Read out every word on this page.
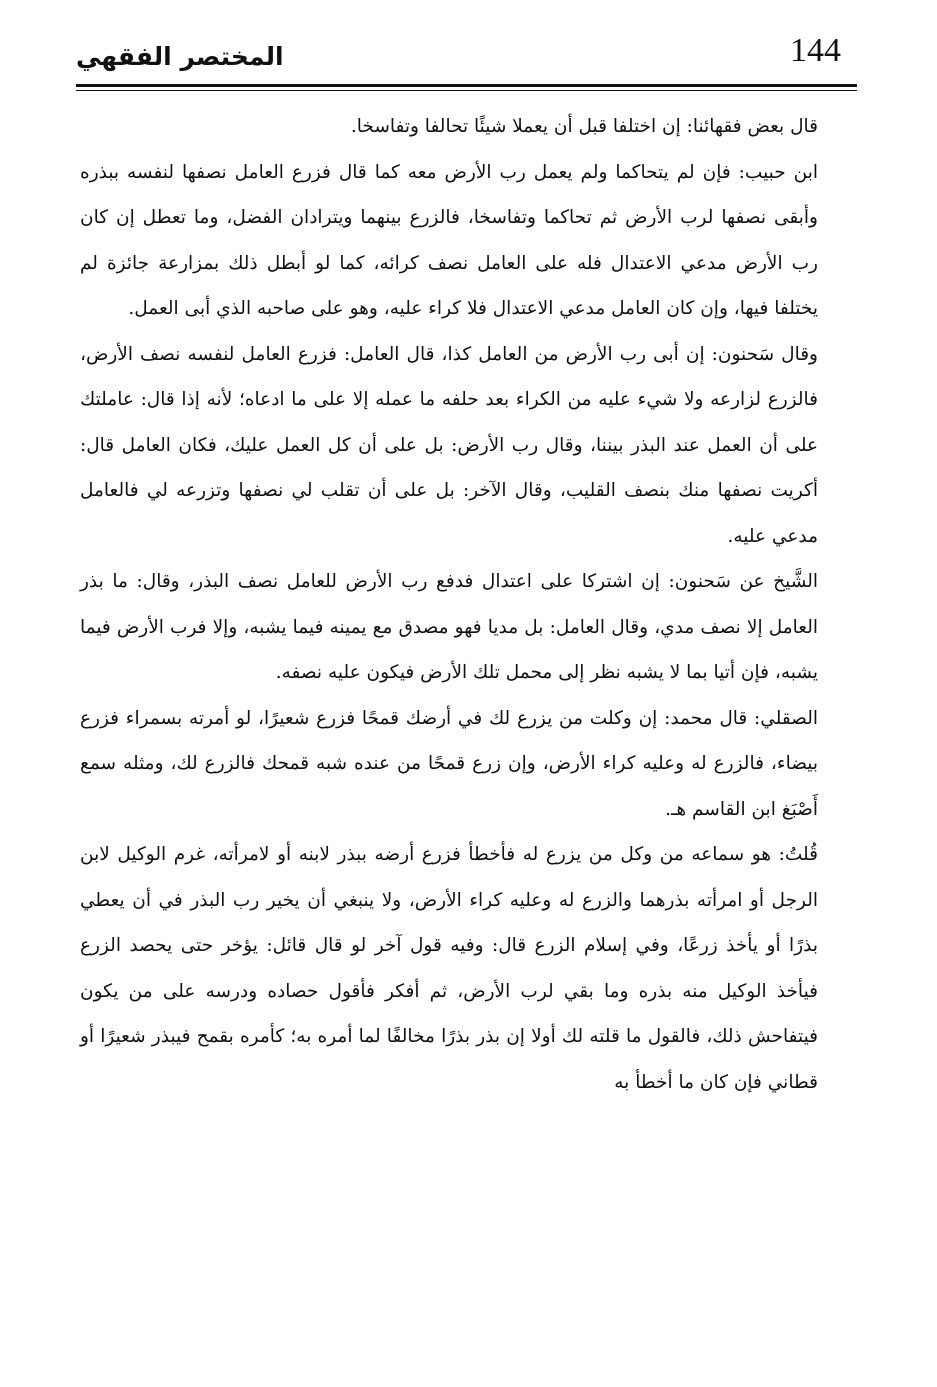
144
المختصر الفقهي

قال بعض فقهائنا: إن اختلفا قبل أن يعملا شيئًا تحالفا وتفاسخا.

ابن حبيب: فإن لم يتحاكما ولم يعمل رب الأرض معه كما قال فزرع العامل نصفها لنفسه ببذره وأبقى نصفها لرب الأرض ثم تحاكما وتفاسخا، فالزرع بينهما ويترادان الفضل، وما تعطل إن كان رب الأرض مدعي الاعتدال فله على العامل نصف كرائه، كما لو أبطل ذلك بمزارعة جائزة لم يختلفا فيها، وإن كان العامل مدعي الاعتدال فلا كراء عليه، وهو على صاحبه الذي أبى العمل.

وقال سَحنون: إن أبى رب الأرض من العامل كذا، قال العامل: فزرع العامل لنفسه نصف الأرض، فالزرع لزارعه ولا شيء عليه من الكراء بعد حلفه ما عمله إلا على ما ادعاه؛ لأنه إذا قال: عاملتك على أن العمل عند البذر بيننا، وقال رب الأرض: بل على أن كل العمل عليك، فكان العامل قال: أكريت نصفها منك بنصف القليب، وقال الآخر: بل على أن تقلب لي نصفها وتزرعه لي فالعامل مدعي عليه.

الشَّيخ عن سَحنون: إن اشتركا على اعتدال فدفع رب الأرض للعامل نصف البذر، وقال: ما بذر العامل إلا نصف مدي، وقال العامل: بل مديا فهو مصدق مع يمينه فيما يشبه، وإلا فرب الأرض فيما يشبه، فإن أتيا بما لا يشبه نظر إلى محمل تلك الأرض فيكون عليه نصفه.

الصقلي: قال محمد: إن وكلت من يزرع لك في أرضك قمحًا فزرع شعيرًا، لو أمرته بسمراء فزرع بيضاء، فالزرع له وعليه كراء الأرض، وإن زرع قمحًا من عنده شبه قمحك فالزرع لك، ومثله سمع أَصْبَغ ابن القاسم هـ.

قُلتُ: هو سماعه من وكل من يزرع له فأخطأ فزرع أرضه ببذر لابنه أو لامرأته، غرم الوكيل لابن الرجل أو امرأته بذرهما والزرع له وعليه كراء الأرض، ولا ينبغي أن يخير رب البذر في أن يعطي بذرًا أو يأخذ زرعًا، وفي إسلام الزرع قال: وفيه قول آخر لو قال قائل: يؤخر حتى يحصد الزرع فيأخذ الوكيل منه بذره وما بقي لرب الأرض، ثم أفكر فأقول حصاده ودرسه على من يكون فيتفاحش ذلك، فالقول ما قلته لك أولا إن بذر بذرًا مخالفًا لما أمره به؛ كأمره بقمح فيبذر شعيرًا أو قطاني فإن كان ما أخطأ به
